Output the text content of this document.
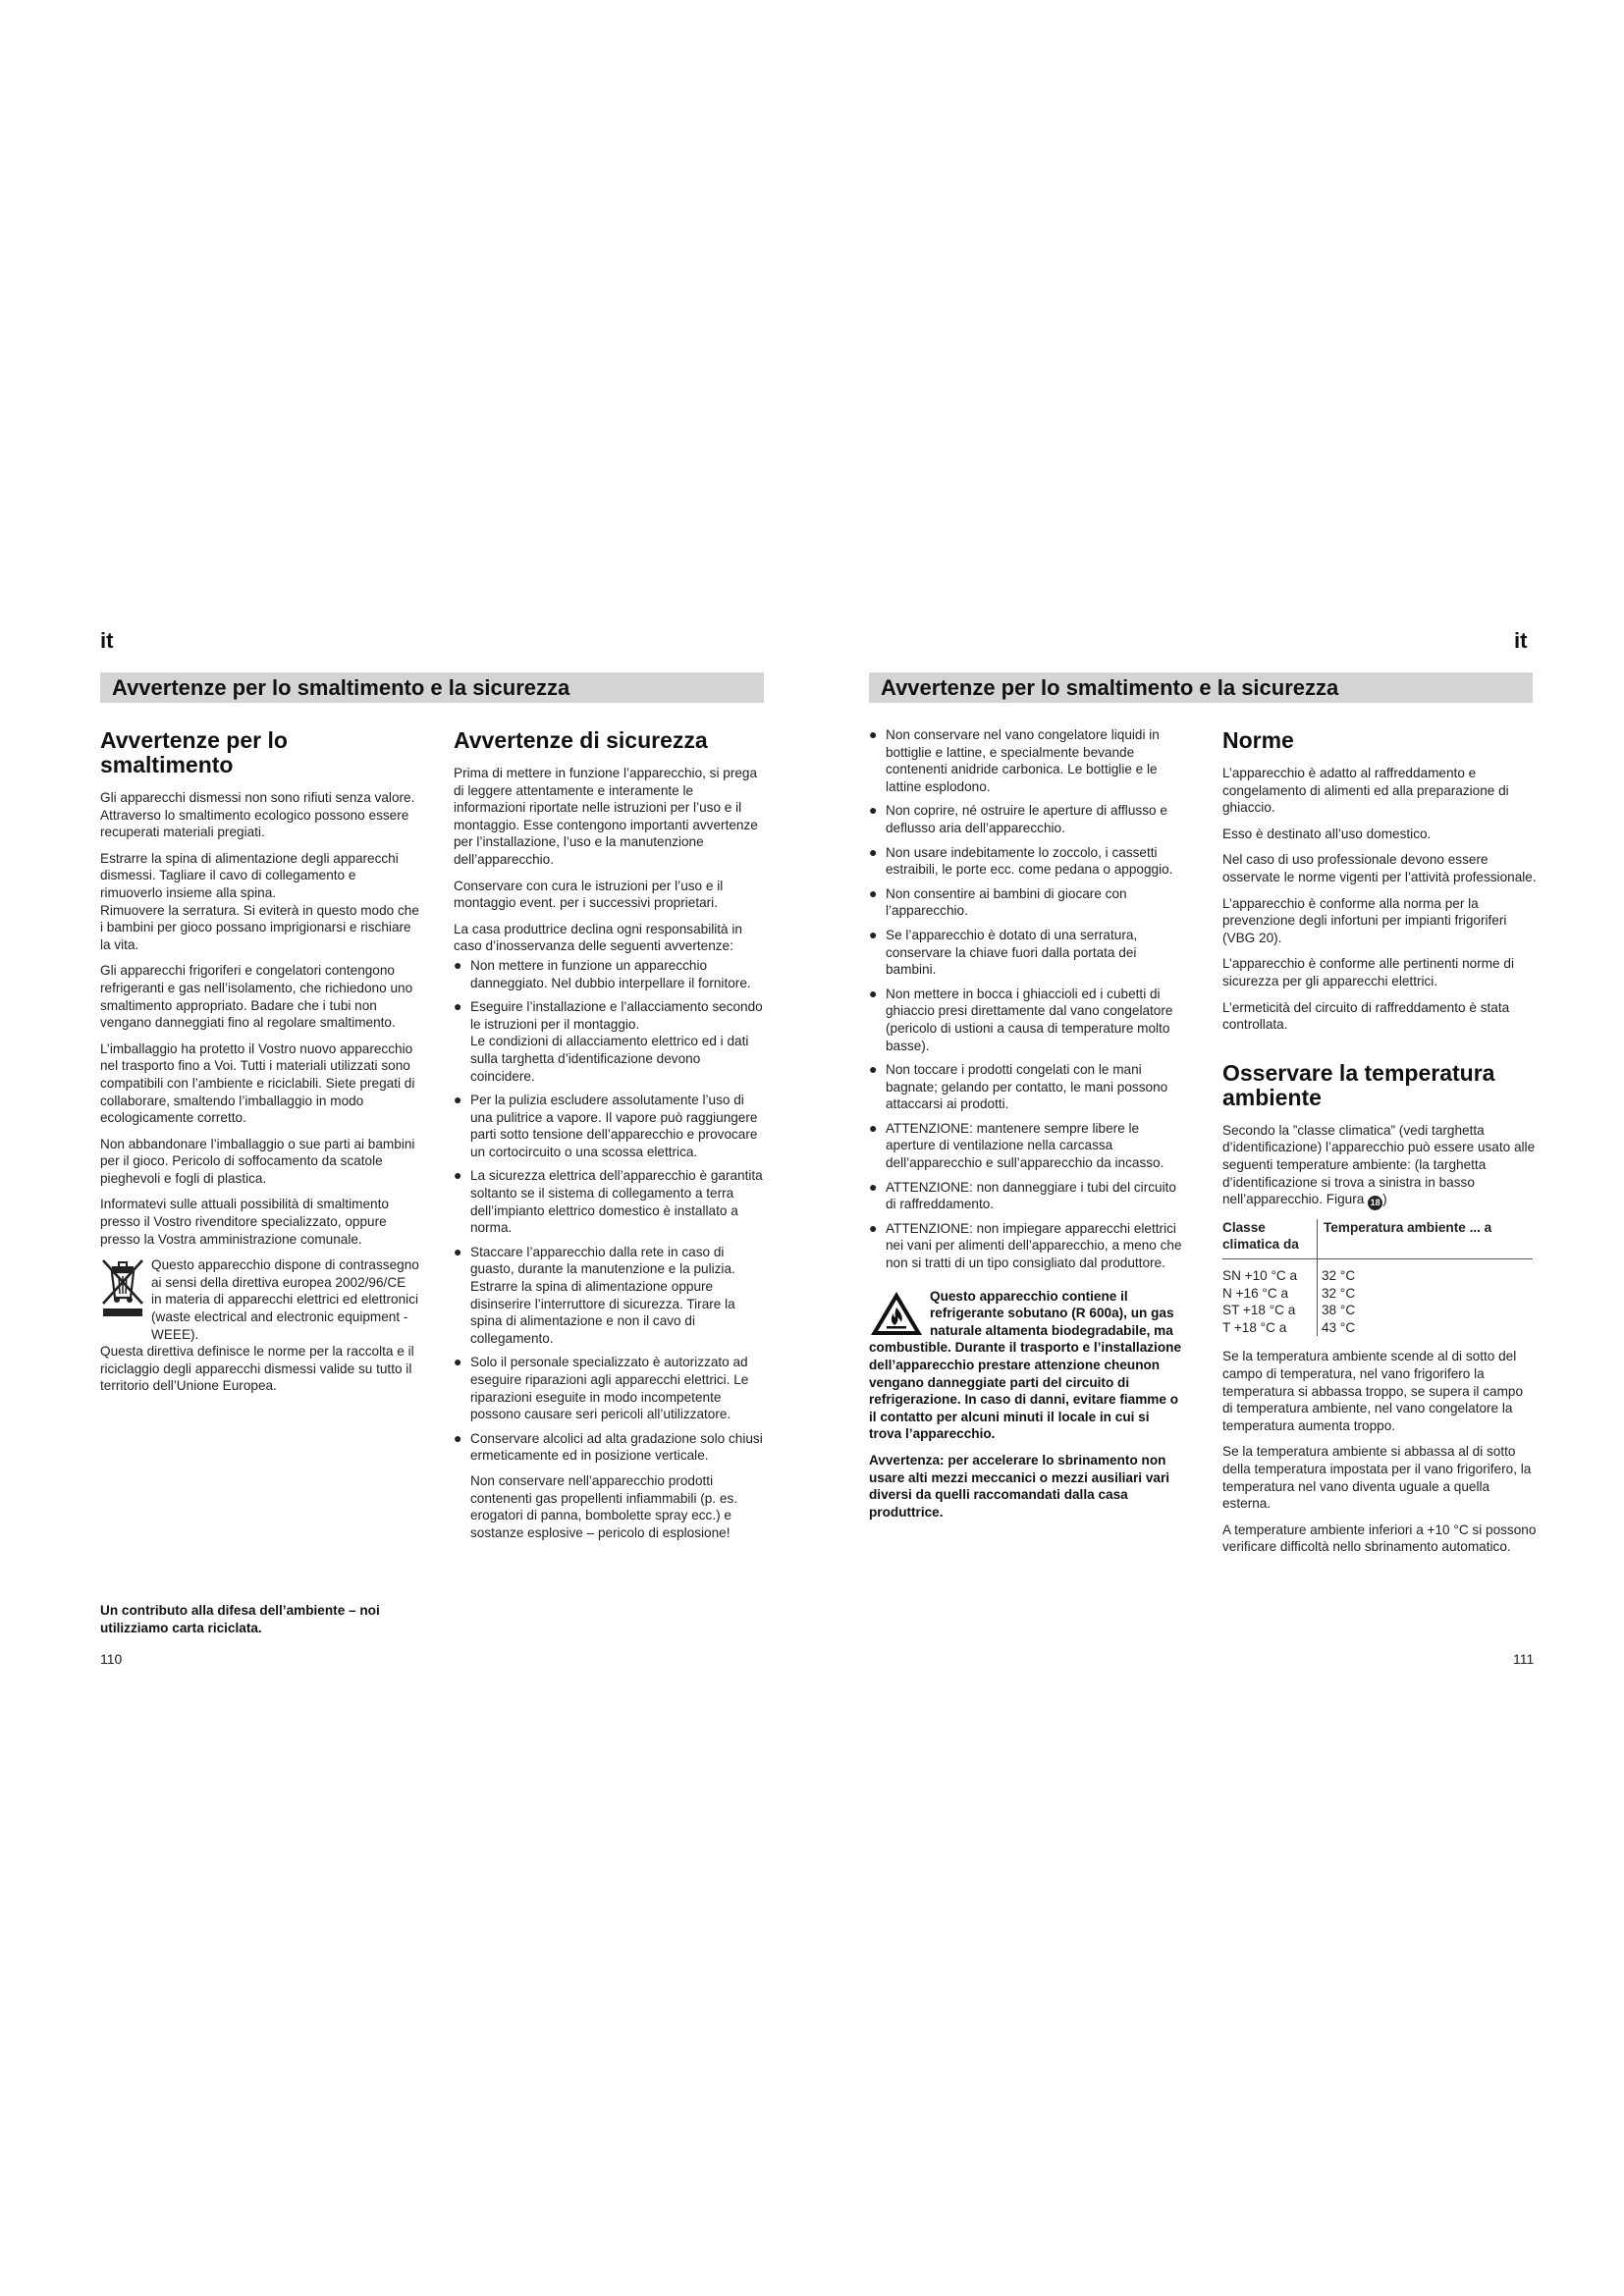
it	it
Avvertenze per lo smaltimento e la sicurezza	Avvertenze per lo smaltimento e la sicurezza
Avvertenze per lo smaltimento

Gli apparecchi dismessi non sono rifiuti senza valore. Attraverso lo smaltimento ecologico possono essere recuperati materiali pregiati.

Estrarre la spina di alimentazione degli apparecchi dismessi. Tagliare il cavo di collegamento e rimuoverlo insieme alla spina.

Rimuovere la serratura. Si eviterà in questo modo che i bambini per gioco possano imprigionarsi e rischiare la vita.

Gli apparecchi frigoriferi e congelatori contengono refrigeranti e gas nell’isolamento, che richiedono uno smaltimento appropriato. Badare che i tubi non vengano danneggiati fino al regolare smaltimento.

L’imballaggio ha protetto il Vostro nuovo apparecchio nel trasporto fino a Voi. Tutti i materiali utilizzati sono compatibili con l’ambiente e riciclabili. Siete pregati di collaborare, smaltendo l’imballaggio in modo ecologicamente corretto.

Non abbandonare l’imballaggio o sue parti ai bambini per il gioco. Pericolo di soffocamento da scatole pieghevoli e fogli di plastica.

Informatevi sulle attuali possibilità di smaltimento presso il Vostro rivenditore specializzato, oppure presso la Vostra amministrazione comunale.

Questo apparecchio dispone di contrassegno ai sensi della direttiva europea 2002/96/CE in materia di apparecchi elettrici ed elettronici (waste electrical and electronic equipment - WEEE).

Questa direttiva definisce le norme per la raccolta e il riciclaggio degli apparecchi dismessi valide su tutto il territorio dell’Unione Europea.

Un contributo alla difesa dell’ambiente – noi utilizziamo carta riciclata.
110
Avvertenze di sicurezza

Prima di mettere in funzione l’apparecchio, si prega di leggere attentamente e interamente le informazioni riportate nelle istruzioni per l’uso e il montaggio. Esse contengono importanti avvertenze per l’installazione, l’uso e la manutenzione dell’apparecchio.

Conservare con cura le istruzioni per l’uso e il montaggio event. per i successivi proprietari.

La casa produttrice declina ogni responsabilità in caso d’inosservanza delle seguenti avvertenze:

● Non mettere in funzione un apparecchio danneggiato. Nel dubbio interpellare il fornitore.
● Eseguire l’installazione e l’allacciamento secondo le istruzioni per il montaggio.
Le condizioni di allacciamento elettrico ed i dati sulla targhetta d’identificazione devono coincidere.
● Per la pulizia escludere assolutamente l’uso di una pulitrice a vapore. Il vapore può raggiungere parti sotto tensione dell’apparecchio e provocare un cortocircuito o una scossa elettrica.
● La sicurezza elettrica dell’apparecchio è garantita soltanto se il sistema di collegamento a terra dell’impianto elettrico domestico è installato a norma.
● Staccare l’apparecchio dalla rete in caso di guasto, durante la manutenzione e la pulizia. Estrarre la spina di alimentazione oppure disinserire l’interruttore di sicurezza. Tirare la spina di alimentazione e non il cavo di collegamento.
● Solo il personale specializzato è autorizzato ad eseguire riparazioni agli apparecchi elettrici. Le riparazioni eseguite in modo incompetente possono causare seri pericoli all’utilizzatore.
● Conservare alcolici ad alta gradazione solo chiusi ermeticamente ed in posizione verticale.
Non conservare nell’apparecchio prodotti contenenti gas propellenti infiammabili (p. es. erogatori di panna, bombolette spray ecc.) e sostanze esplosive – pericolo di esplosione!
● Non conservare nel vano congelatore liquidi in bottiglie e lattine, e specialmente bevande contenenti anidride carbonica. Le bottiglie e le lattine esplodono.
● Non coprire, né ostruire le aperture di afflusso e deflusso aria dell’apparecchio.
● Non usare indebitamente lo zoccolo, i cassetti estraibili, le porte ecc. come pedana o appoggio.
● Non consentire ai bambini di giocare con l’apparecchio.
● Se l’apparecchio è dotato di una serratura, conservare la chiave fuori dalla portata dei bambini.
● Non mettere in bocca i ghiaccioli ed i cubetti di ghiaccio presi direttamente dal vano congelatore (pericolo di ustioni a causa di temperature molto basse).
● Non toccare i prodotti congelati con le mani bagnate; gelando per contatto, le mani possono attaccarsi ai prodotti.
● ATTENZIONE: mantenere sempre libere le aperture di ventilazione nella carcassa dell’apparecchio e sull’apparecchio da incasso.
● ATTENZIONE: non danneggiare i tubi del circuito di raffreddamento.
● ATTENZIONE: non impiegare apparecchi elettrici nei vani per alimenti dell’apparecchio, a meno che non si tratti di un tipo consigliato dal produttore.
Questo apparecchio contiene il refrigerante sobutano (R 600a), un gas naturale altamenta biodegradabile, ma combustible. Durante il trasporto e l’installazione dell’apparecchio prestare attenzione cheunon vengano danneggiate parti del circuito di refrigerazione. In caso di danni, evitare fiamme o il contatto per alcuni minuti il locale in cui si trova l’apparecchio.

Avvertenza: per accelerare lo sbrinamento non usare alti mezzi meccanici o mezzi ausiliari vari diversi da quelli raccomandati dalla casa produttrice.

Norme

L’apparecchio è adatto al raffreddamento e congelamento di alimenti ed alla preparazione di ghiaccio.

Esso è destinato all’uso domestico.

Nel caso di uso professionale devono essere osservate le norme vigenti per l’attività professionale.

L’apparecchio è conforme alla norma per la prevenzione degli infortuni per impianti frigoriferi (VBG 20).

L’apparecchio è conforme alle pertinenti norme di sicurezza per gli apparecchi elettrici.

L’ermeticità del circuito di raffreddamento è stata controllata.

Osservare la temperatura ambiente

Secondo la ”classe climatica” (vedi targhetta d’identificazione) l’apparecchio può essere usato alle seguenti temperature ambiente: (la targhetta d’identificazione si trova a sinistra in basso nell’apparecchio. Figura 18 )

Classe climatica da	Temperatura ambiente ... a
SN +10 °C a	32 °C
N +16 °C a	32 °C
ST +18 °C a	38 °C
T +18 °C a	43 °C

Se la temperatura ambiente scende al di sotto del campo di temperatura, nel vano frigorifero la temperatura si abbassa troppo, se supera il campo di temperatura ambiente, nel vano congelatore la temperatura aumenta troppo.

Se la temperatura ambiente si abbassa al di sotto della temperatura impostata per il vano frigorifero, la temperatura nel vano diventa uguale a quella esterna.

A temperature ambiente inferiori a +10 °C si possono verificare difficoltà nello sbrinamento automatico.

111
